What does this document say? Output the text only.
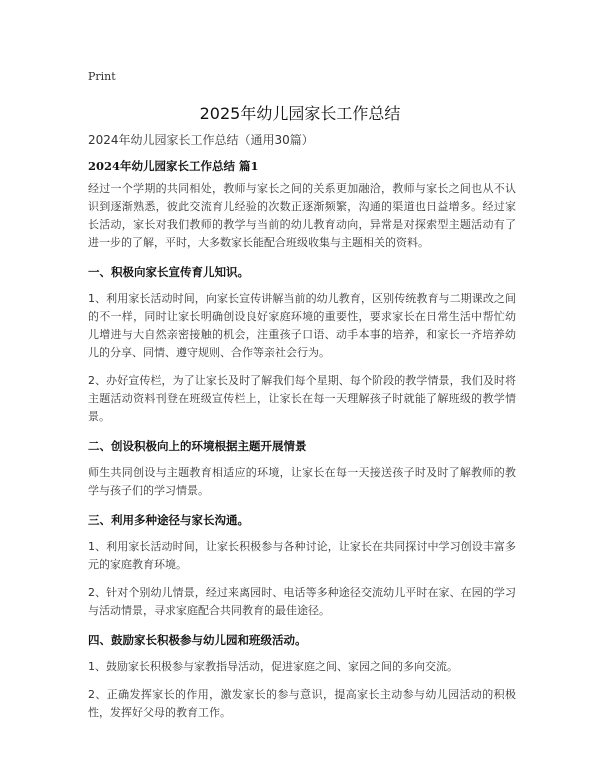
Print
2025年幼儿园家长工作总结

2024年幼儿园家长工作总结（通用30篇）

2024年幼儿园家长工作总结 篇1

经过一个学期的共同相处，教师与家长之间的关系更加融洽，教师与家长之间也从不认识到逐渐熟悉，彼此交流育儿经验的次数正逐渐频繁，沟通的渠道也日益增多。经过家长活动，家长对我们教师的教学与当前的幼儿教育动向，异常是对探索型主题活动有了进一步的了解，平时，大多数家长能配合班级收集与主题相关的资料。

一、积极向家长宣传育儿知识。

1、利用家长活动时间，向家长宣传讲解当前的幼儿教育，区别传统教育与二期课改之间的不一样，同时让家长明确创设良好家庭环境的重要性，要求家长在日常生活中帮忙幼儿增进与大自然亲密接触的机会，注重孩子口语、动手本事的培养，和家长一齐培养幼儿的分享、同情、遵守规则、合作等亲社会行为。

2、办好宣传栏，为了让家长及时了解我们每个星期、每个阶段的教学情景，我们及时将主题活动资料刊登在班级宣传栏上，让家长在每一天理解孩子时就能了解班级的教学情景。

二、创设积极向上的环境根据主题开展情景

师生共同创设与主题教育相适应的环境，让家长在每一天接送孩子时及时了解教师的教学与孩子们的学习情景。

三、利用多种途径与家长沟通。

1、利用家长活动时间，让家长积极参与各种讨论，让家长在共同探讨中学习创设丰富多元的家庭教育环境。

2、针对个别幼儿情景，经过来离园时、电话等多种途径交流幼儿平时在家、在园的学习与活动情景，寻求家庭配合共同教育的最佳途径。

四、鼓励家长积极参与幼儿园和班级活动。

1、鼓励家长积极参与家教指导活动，促进家庭之间、家园之间的多向交流。

2、正确发挥家长的作用，激发家长的参与意识，提高家长主动参与幼儿园活动的积极性，发挥好父母的教育工作。
